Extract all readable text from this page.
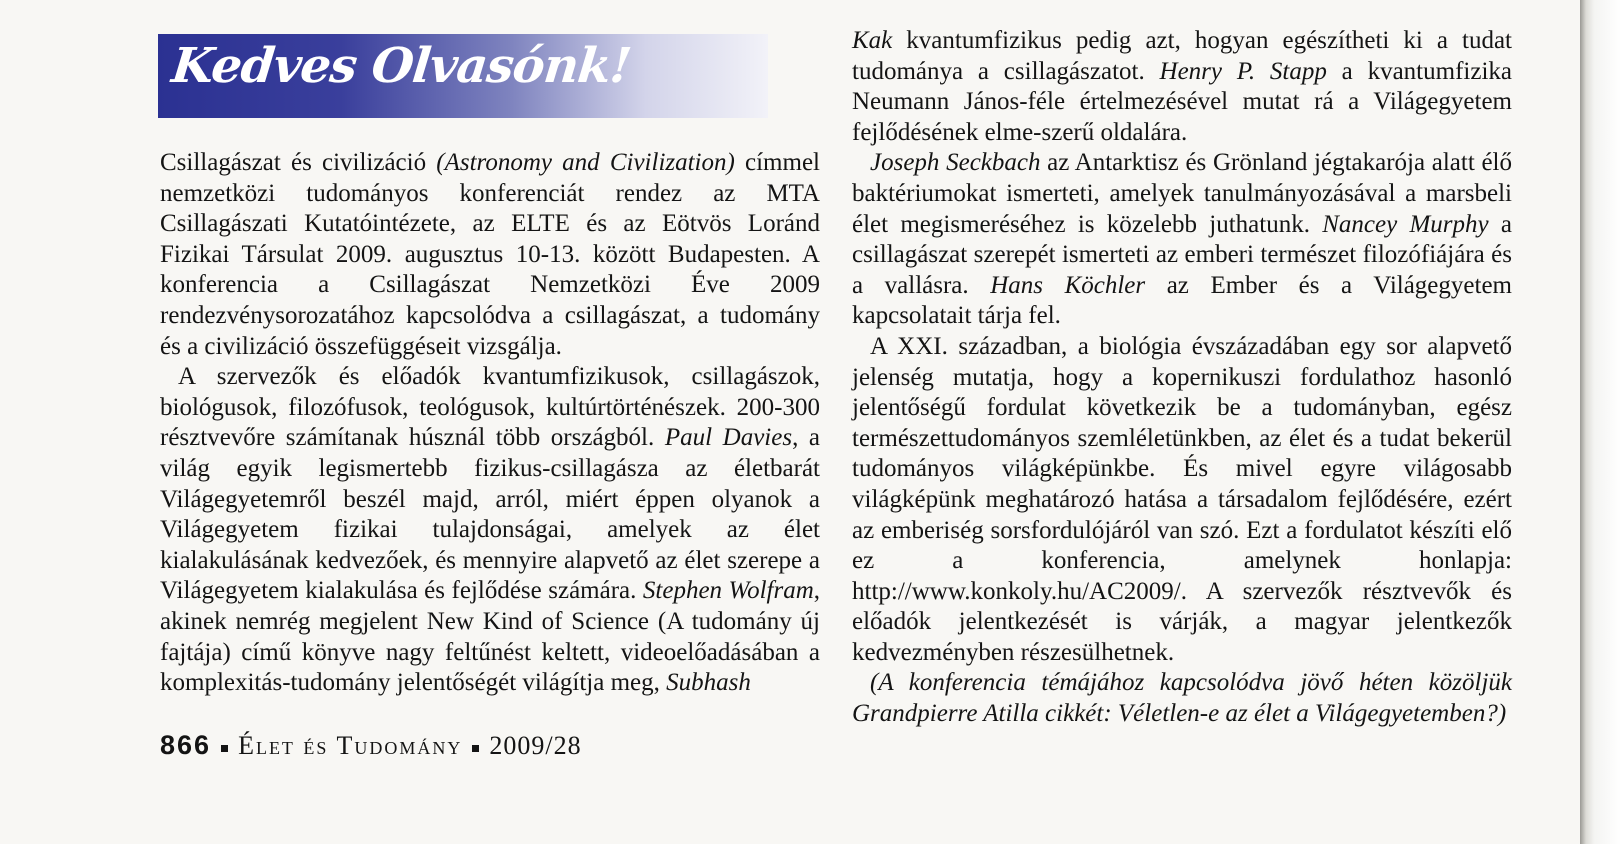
Kedves Olvasónk!

Csillagászat és civilizáció (Astronomy and Civilization) címmel nemzetközi tudományos konferenciát rendez az MTA Csillagászati Kutatóintézete, az ELTE és az Eötvös Loránd Fizikai Társulat 2009. augusztus 10-13. között Budapesten. A konferencia a Csillagászat Nemzetközi Éve 2009 rendezvénysorozatához kapcsolódva a csillagászat, a tudomány és a civilizáció összefüggéseit vizsgálja.

A szervezők és előadók kvantumfizikusok, csillagászok, biológusok, filozófusok, teológusok, kultúrtörténészek. 200-300 résztvevőre számítanak húsznál több országból. Paul Davies, a világ egyik legismertebb fizikus-csillagásza az életbarát Világegyetemről beszél majd, arról, miért éppen olyanok a Világegyetem fizikai tulajdonságai, amelyek az élet kialakulásának kedvezőek, és mennyire alapvető az élet szerepe a Világegyetem kialakulása és fejlődése számára. Stephen Wolfram, akinek nemrég megjelent New Kind of Science (A tudomány új fajtája) című könyve nagy feltűnést keltett, videoelőadásában a komplexitás-tudomány jelentőségét világítja meg, Subhash

Kak kvantumfizikus pedig azt, hogyan egészítheti ki a tudat tudománya a csillagászatot. Henry P. Stapp a kvantumfizika Neumann János-féle értelmezésével mutat rá a Világegyetem fejlődésének elme-szerű oldalára.

Joseph Seckbach az Antarktisz és Grönland jégtakarója alatt élő baktériumokat ismerteti, amelyek tanulmányozásával a marsbeli élet megismeréséhez is közelebb juthatunk. Nancey Murphy a csillagászat szerepét ismerteti az emberi természet filozófiájára és a vallásra. Hans Köchler az Ember és a Világegyetem kapcsolatait tárja fel.

A XXI. században, a biológia évszázadában egy sor alapvető jelenség mutatja, hogy a kopernikuszi fordulathoz hasonló jelentőségű fordulat következik be a tudományban, egész természettudományos szemléletünkben, az élet és a tudat bekerül tudományos világképünkbe. És mivel egyre világosabb világképünk meghatározó hatása a társadalom fejlődésére, ezért az emberiség sorsfordulójáról van szó. Ezt a fordulatot készíti elő ez a konferencia, amelynek honlapja: http://www.konkoly.hu/AC2009/. A szervezők résztvevők és előadók jelentkezését is várják, a magyar jelentkezők kedvezményben részesülhetnek.

(A konferencia témájához kapcsolódva jövő héten közöljük Grandpierre Atilla cikkét: Véletlen-e az élet a Világegyetemben?)

866 Élet és Tudomány 2009/28
